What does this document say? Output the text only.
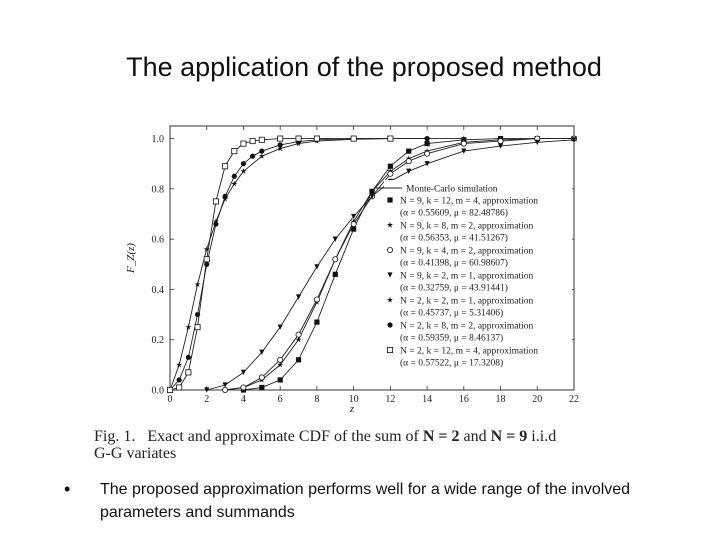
The application of the proposed method
0	2	4	6	8	10	12	14	16	18	20	22
0.0
0.2
0.4
0.6
0.8
1.0
z
F_Z(z)
Monte-Carlo simulation
N = 9, k = 12, m = 4, approximation
(α = 0.55609, μ = 82.48786)
N = 9, k = 8, m = 2, approximation
(α = 0.56353, μ = 41.51267)
N = 9, k = 4, m = 2, approximation
(α = 0.41398, μ = 60.98607)
N = 9, k = 2, m = 1, approximation
(α = 0.32759, μ = 43.91441)
N = 2, k = 2, m = 1, approximation
(α = 0.45737, μ = 5.31406)
N = 2, k = 8, m = 2, approximation
(α = 0.59359, μ = 8.46137)
N = 2, k = 12, m = 4, approximation
(α = 0.57522, μ = 17.3208)
Fig. 1. Exact and approximate CDF of the sum of N = 2 and N = 9 i.i.d
G-G variates
• The proposed approximation performs well for a wide range of the involved parameters and summands
